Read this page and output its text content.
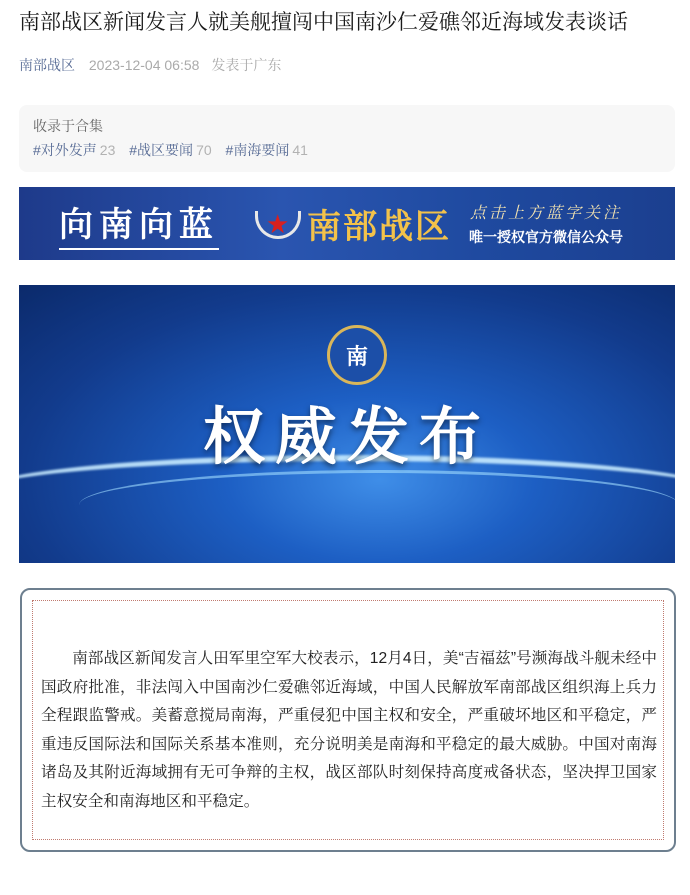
南部战区新闻发言人就美舰擅闯中国南沙仁爱礁邻近海域发表谈话
南部战区 2023-12-04 06:58 发表于广东
收录于合集
#对外发声 23 #战区要闻 70 #南海要闻 41
向南向蓝 ★ 南部战区 点击上方蓝字关注
唯一授权官方微信公众号
南
权威发布

南部战区新闻发言人田军里空军大校表示，12月4日，美“吉福兹”号濒海战斗舰未经中国政府批准，非法闯入中国南沙仁爱礁邻近海域，中国人民解放军南部战区组织海上兵力全程跟监警戒。美蓄意搅局南海，严重侵犯中国主权和安全，严重破坏地区和平稳定，严重违反国际法和国际关系基本准则，充分说明美是南海和平稳定的最大威胁。中国对南海诸岛及其附近海域拥有无可争辩的主权，战区部队时刻保持高度戒备状态，坚决捍卫国家主权安全和南海地区和平稳定。
